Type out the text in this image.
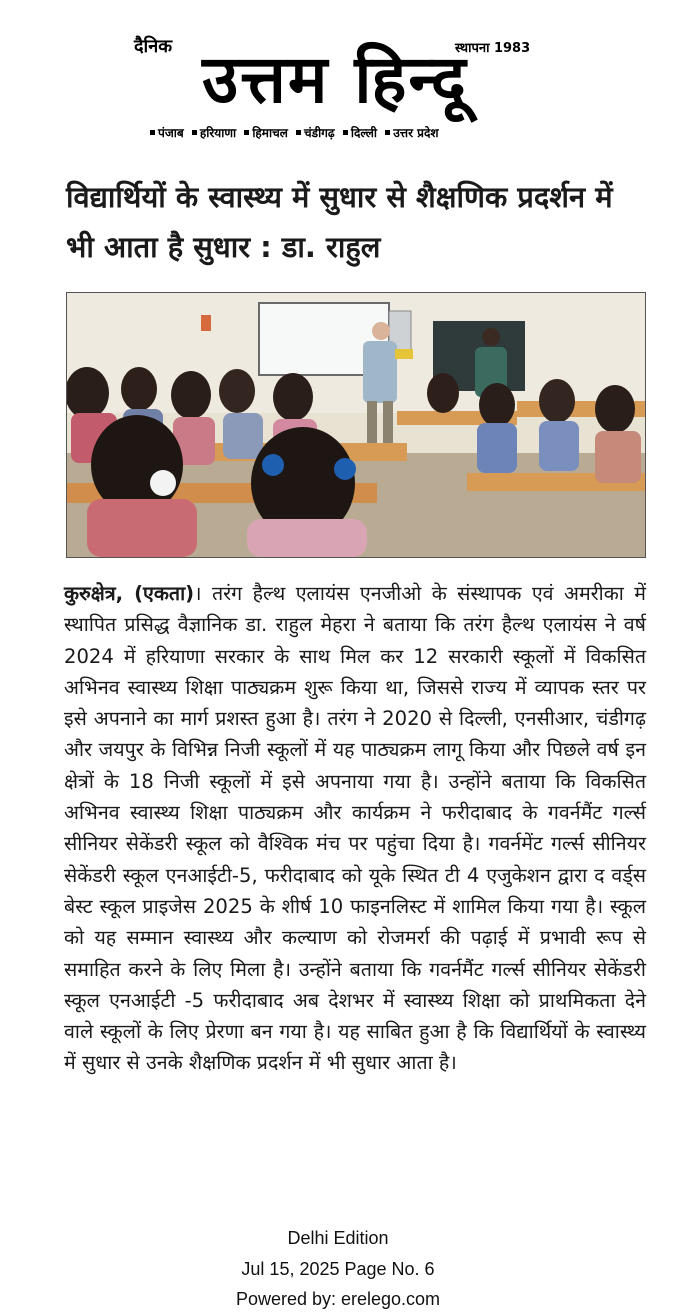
दैनिक	स्थापना 1983
उत्तम हिन्दू
पंजाब हरियाणा हिमाचल चंडीगढ़ दिल्ली उत्तर प्रदेश
विद्यार्थियों के स्वास्थ्य में सुधार से शैक्षणिक प्रदर्शन में भी आता है सुधार : डा. राहुल
कुरुक्षेत्र, (एकता)। तरंग हैल्थ एलायंस एनजीओ के संस्थापक एवं अमरीका में स्थापित प्रसिद्ध वैज्ञानिक डा. राहुल मेहरा ने बताया कि तरंग हैल्थ एलायंस ने वर्ष 2024 में हरियाणा सरकार के साथ मिल कर 12 सरकारी स्कूलों में विकसित अभिनव स्वास्थ्य शिक्षा पाठ्यक्रम शुरू किया था, जिससे राज्य में व्यापक स्तर पर इसे अपनाने का मार्ग प्रशस्त हुआ है। तरंग ने 2020 से दिल्ली, एनसीआर, चंडीगढ़ और जयपुर के विभिन्न निजी स्कूलों में यह पाठ्यक्रम लागू किया और पिछले वर्ष इन क्षेत्रों के 18 निजी स्कूलों में इसे अपनाया गया है। उन्होंने बताया कि विकसित अभिनव स्वास्थ्य शिक्षा पाठ्यक्रम और कार्यक्रम ने फरीदाबाद के गवर्नमैंट गर्ल्स सीनियर सेकेंडरी स्कूल को वैश्विक मंच पर पहुंचा दिया है। गवर्नमेंट गर्ल्स सीनियर सेकेंडरी स्कूल एनआईटी-5, फरीदाबाद को यूके स्थित टी 4 एजुकेशन द्वारा द वर्ड्स बेस्ट स्कूल प्राइजेस 2025 के शीर्ष 10 फाइनलिस्ट में शामिल किया गया है। स्कूल को यह सम्मान स्वास्थ्य और कल्याण को रोजमर्रा की पढ़ाई में प्रभावी रूप से समाहित करने के लिए मिला है। उन्होंने बताया कि गवर्नमैंट गर्ल्स सीनियर सेकेंडरी स्कूल एनआईटी -5 फरीदाबाद अब देशभर में स्वास्थ्य शिक्षा को प्राथमिकता देने वाले स्कूलों के लिए प्रेरणा बन गया है। यह साबित हुआ है कि विद्यार्थियों के स्वास्थ्य में सुधार से उनके शैक्षणिक प्रदर्शन में भी सुधार आता है।
Delhi Edition
Jul 15, 2025 Page No. 6
Powered by: erelego.com
